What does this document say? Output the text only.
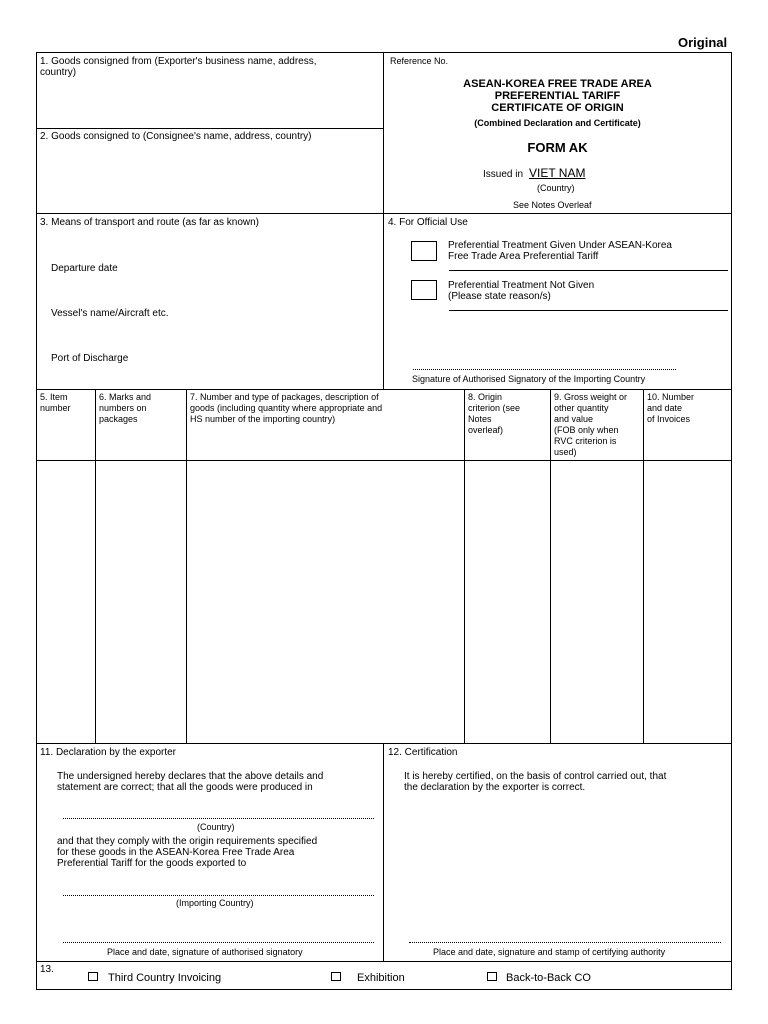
Original
1. Goods consigned from (Exporter's business name, address,
country)
2. Goods consigned to (Consignee's name, address, country)
Reference No.
ASEAN-KOREA FREE TRADE AREA
PREFERENTIAL TARIFF
CERTIFICATE OF ORIGIN
(Combined Declaration and Certificate)
FORM AK
Issued in VIET NAM
(Country)
See Notes Overleaf
3. Means of transport and route (as far as known)
Departure date
Vessel's name/Aircraft etc.
Port of Discharge
4. For Official Use
Preferential Treatment Given Under ASEAN-Korea
Free Trade Area Preferential Tariff
Preferential Treatment Not Given
(Please state reason/s)
Signature of Authorised Signatory of the Importing Country
5. Item
number
6. Marks and
numbers on
packages
7. Number and type of packages, description of
goods (including quantity where appropriate and
HS number of the importing country)
8. Origin
criterion (see
Notes
overleaf)
9. Gross weight or
other quantity
and value
(FOB only when
RVC criterion is
used)
10. Number
and date
of Invoices
11. Declaration by the exporter
The undersigned hereby declares that the above details and
statement are correct; that all the goods were produced in
(Country)
and that they comply with the origin requirements specified
for these goods in the ASEAN-Korea Free Trade Area
Preferential Tariff for the goods exported to
(Importing Country)
Place and date, signature of authorised signatory
12. Certification
It is hereby certified, on the basis of control carried out, that
the declaration by the exporter is correct.
Place and date, signature and stamp of certifying authority
13.
Third Country Invoicing	Exhibition	Back-to-Back CO
